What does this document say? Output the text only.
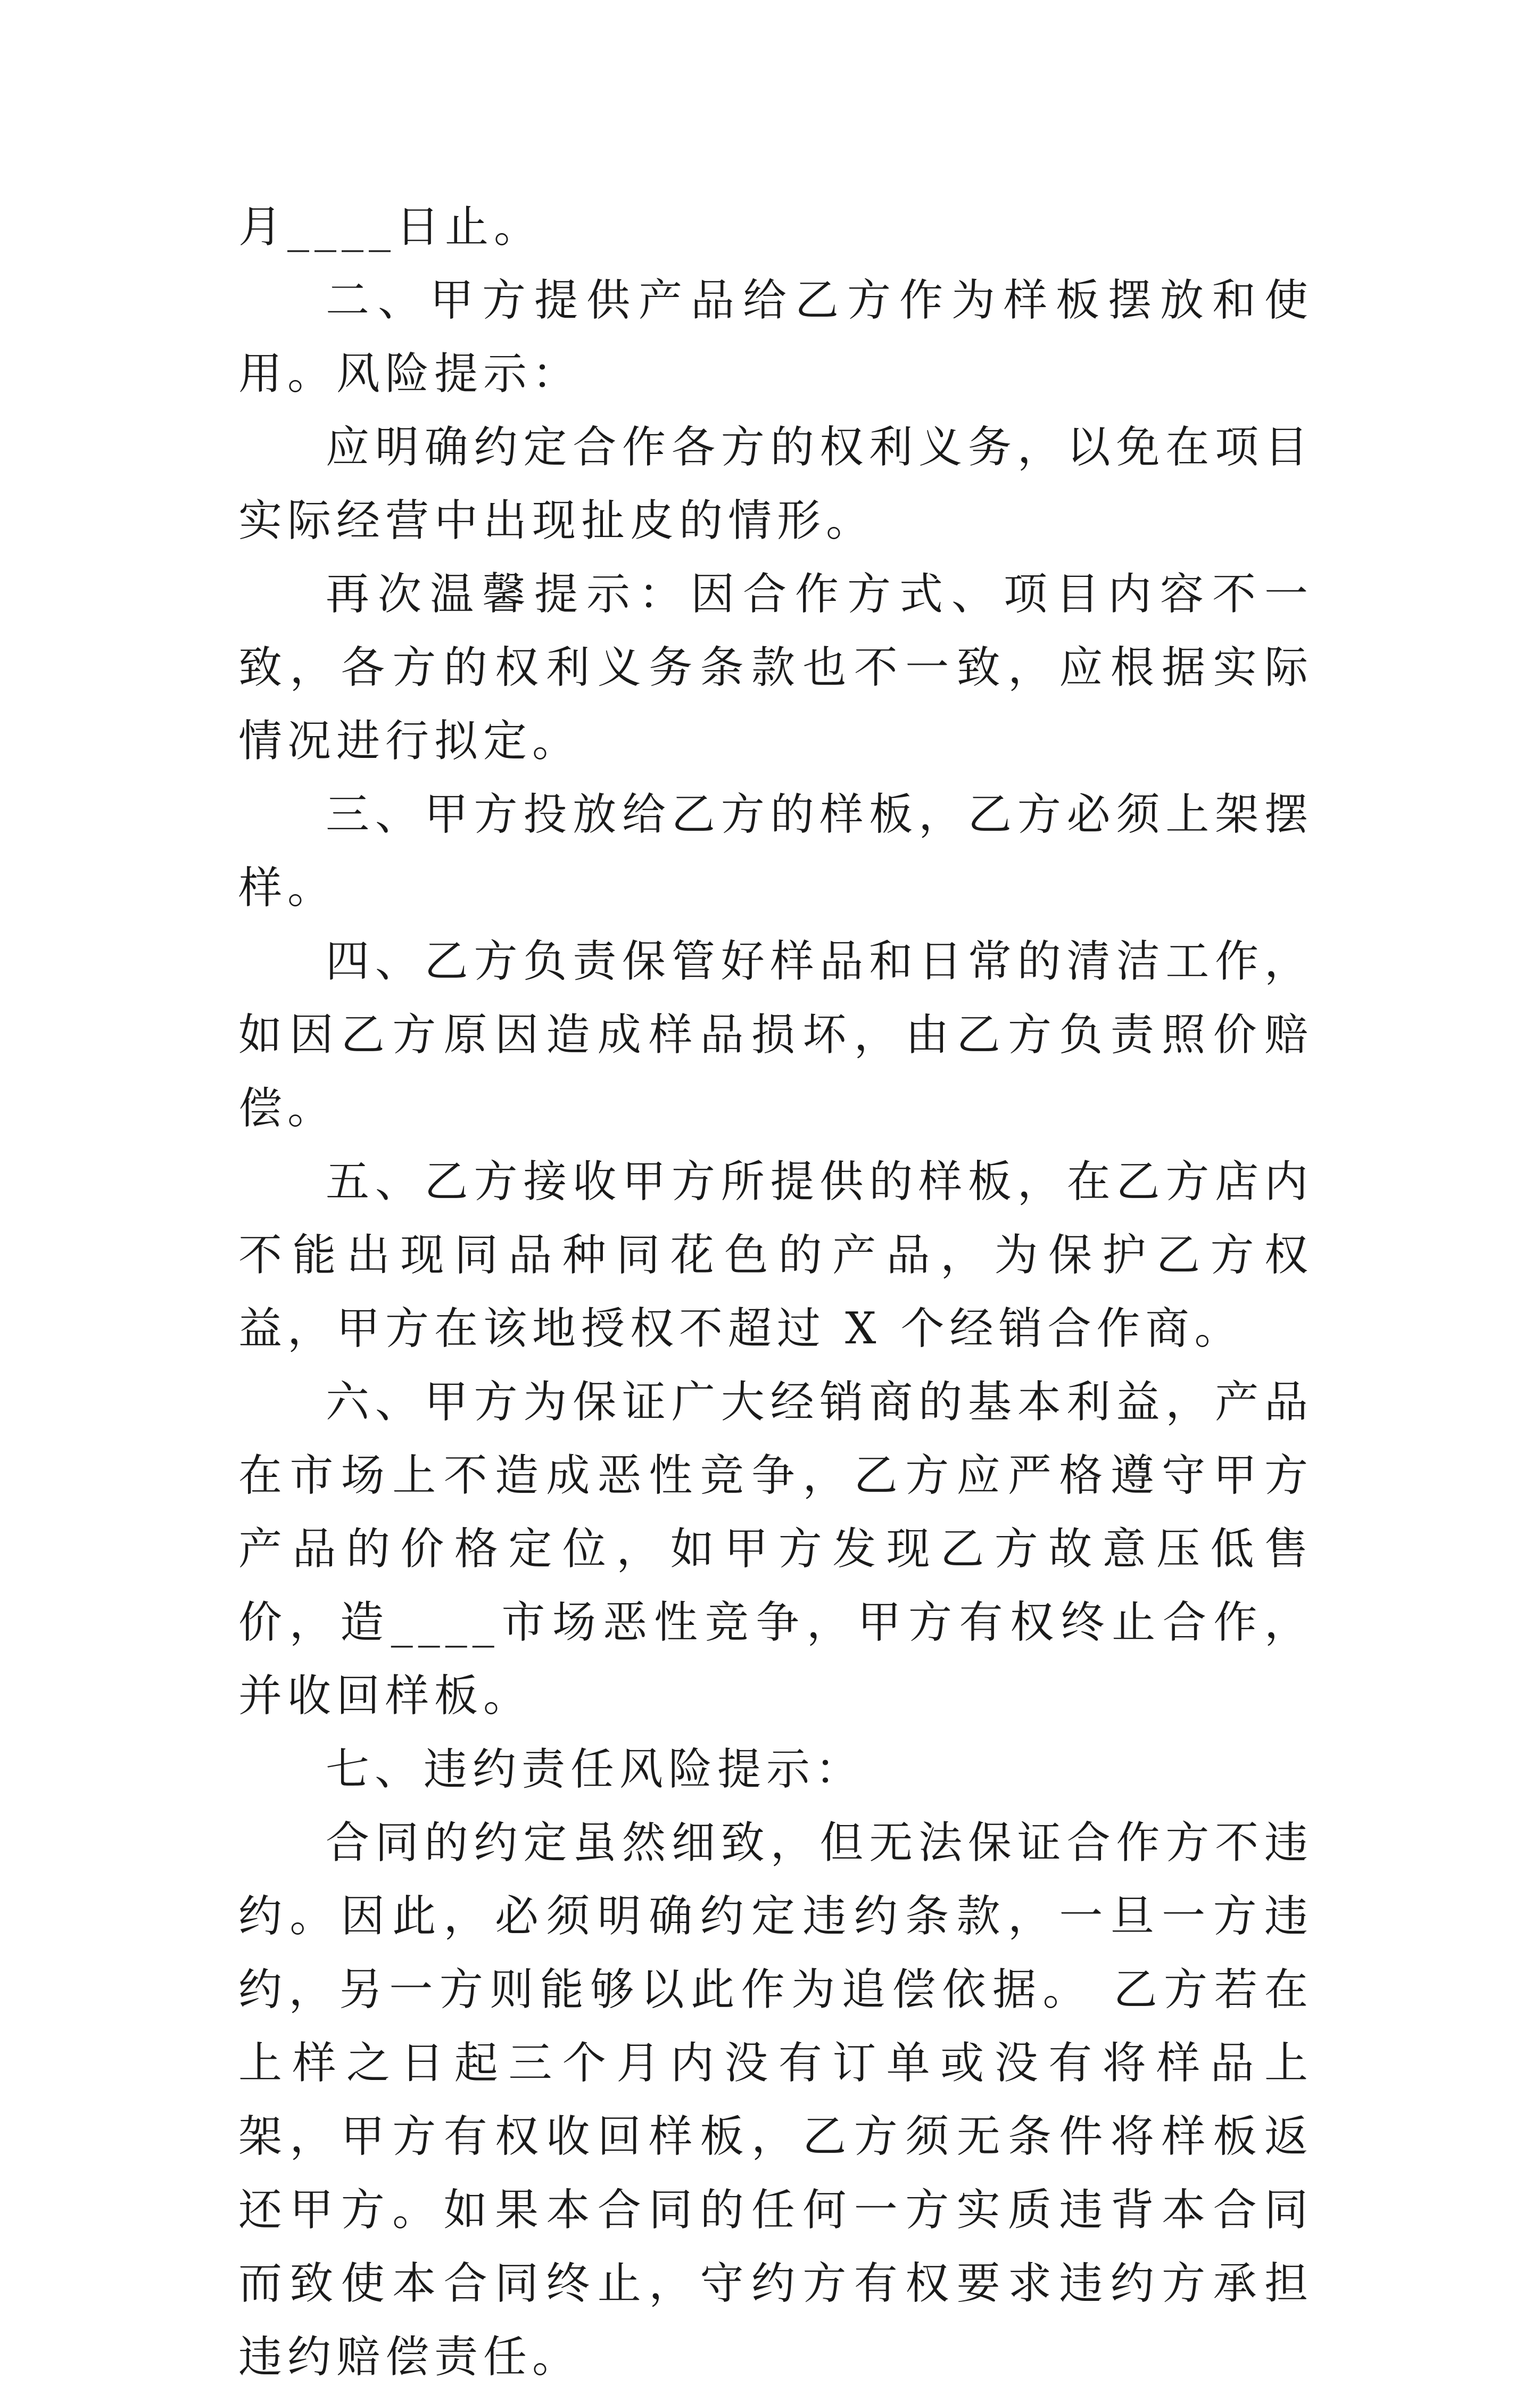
月____日止。

二、甲方提供产品给乙方作为样板摆放和使用。风险提示：

应明确约定合作各方的权利义务，以免在项目实际经营中出现扯皮的情形。

再次温馨提示：因合作方式、项目内容不一致，各方的权利义务条款也不一致，应根据实际情况进行拟定。

三、甲方投放给乙方的样板，乙方必须上架摆样。

四、乙方负责保管好样品和日常的清洁工作，如因乙方原因造成样品损坏，由乙方负责照价赔偿。

五、乙方接收甲方所提供的样板，在乙方店内不能出现同品种同花色的产品，为保护乙方权益，甲方在该地授权不超过 X 个经销合作商。

六、甲方为保证广大经销商的基本利益，产品在市场上不造成恶性竞争，乙方应严格遵守甲方产品的价格定位，如甲方发现乙方故意压低售价，造____市场恶性竞争，甲方有权终止合作，并收回样板。

七、违约责任风险提示：

合同的约定虽然细致，但无法保证合作方不违约。因此，必须明确约定违约条款，一旦一方违约，另一方则能够以此作为追偿依据。 乙方若在上样之日起三个月内没有订单或没有将样品上架，甲方有权收回样板，乙方须无条件将样板返还甲方。如果本合同的任何一方实质违背本合同而致使本合同终止，守约方有权要求违约方承担违约赔偿责任。
